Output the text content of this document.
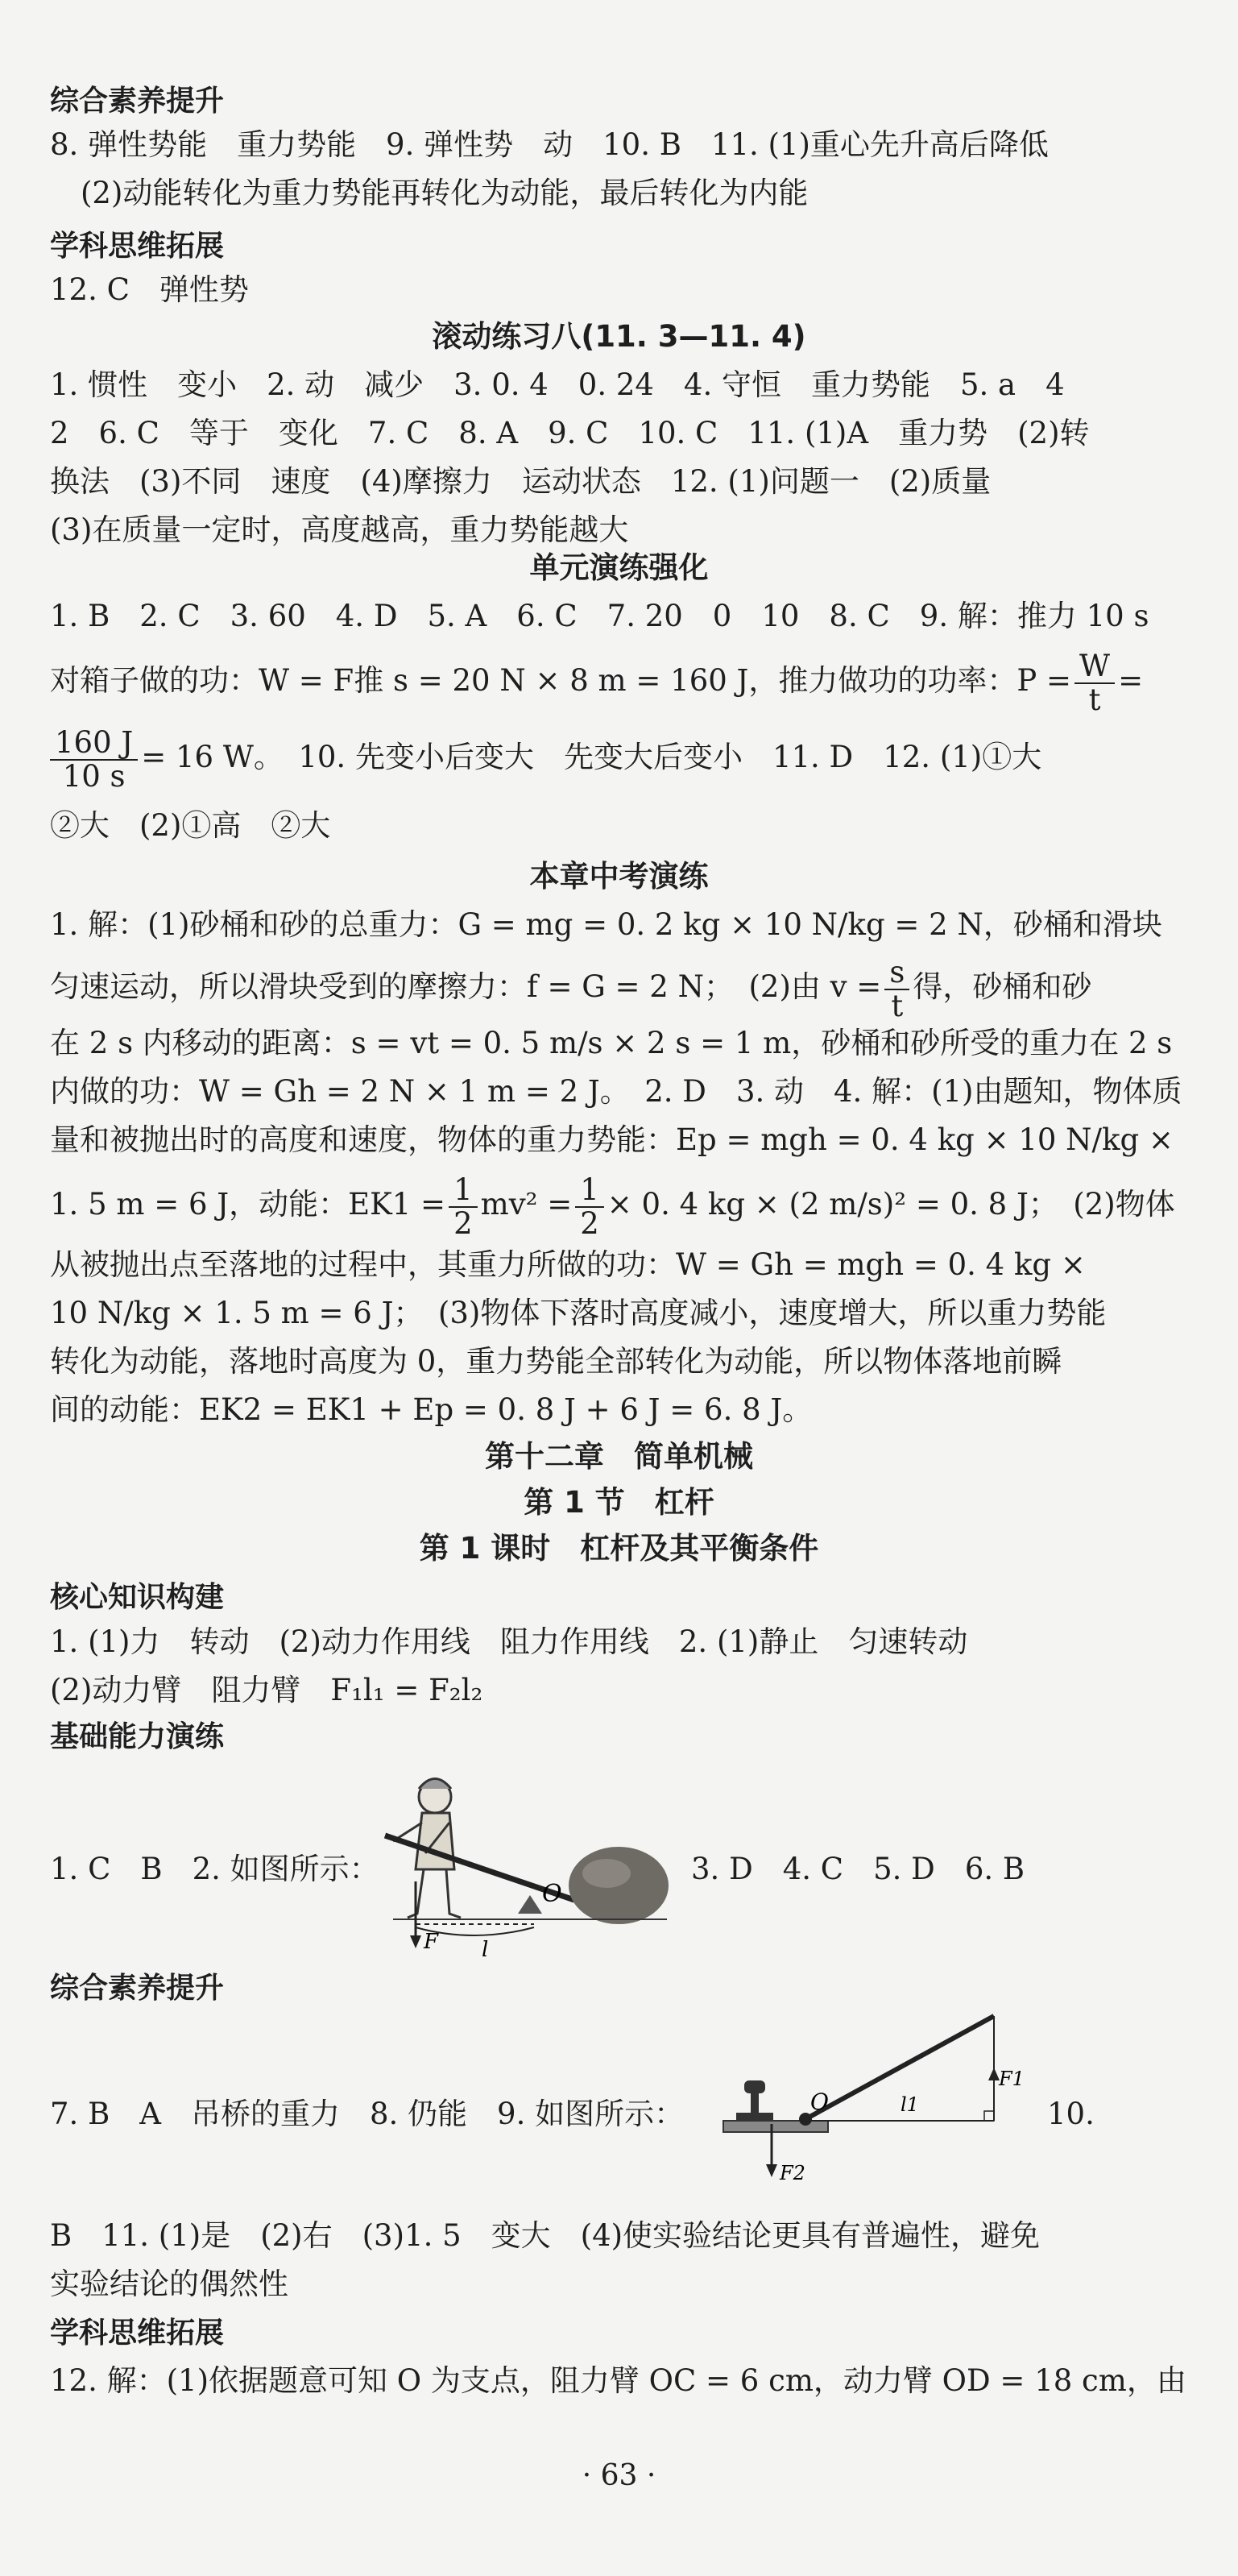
综合素养提升
8. 弹性势能　重力势能　9. 弹性势　动　10. B　11. (1)重心先升高后降低
(2)动能转化为重力势能再转化为动能，最后转化为内能
学科思维拓展
12. C　弹性势
滚动练习八(11. 3—11. 4)
1. 惯性　变小　2. 动　减少　3. 0. 4　0. 24　4. 守恒　重力势能　5. a　4
2　6. C　等于　变化　7. C　8. A　9. C　10. C　11. (1)A　重力势　(2)转
换法　(3)不同　速度　(4)摩擦力　运动状态　12. (1)问题一　(2)质量
(3)在质量一定时，高度越高，重力势能越大
单元演练强化
1. B　2. C　3. 60　4. D　5. A　6. C　7. 20　0　10　8. C　9. 解：推力 10 s
对箱子做的功：W = F推 s = 20 N × 8 m = 160 J，推力做功的功率：$P = \frac{W}{t}$ =
$\frac{160 J}{10 s} = 16$ W。　10. 先变小后变大　先变大后变小　11. D　12. (1)①大
②大　(2)①高　②大
本章中考演练
1. 解：(1)砂桶和砂的总重力：G = mg = 0. 2 kg × 10 N/kg = 2 N，砂桶和滑块
匀速运动，所以滑块受到的摩擦力：f = G = 2 N；　(2)由 $v = \frac{s}{t}$ 得，砂桶和砂
在 2 s 内移动的距离：s = vt = 0. 5 m/s × 2 s = 1 m，砂桶和砂所受的重力在 2 s
内做的功：W = Gh = 2 N × 1 m = 2 J。　2. D　3. 动　4. 解：(1)由题知，物体质
量和被抛出时的高度和速度，物体的重力势能：Ep = mgh = 0. 4 kg × 10 N/kg ×
1. 5 m = 6 J，动能：$EK1 = \frac{1}{2} mv^2 = \frac{1}{2} \times 0$. 4 kg × (2 m/s)² = 0. 8 J；　(2)物体
从被抛出点至落地的过程中，其重力所做的功：W = Gh = mgh = 0. 4 kg ×
10 N/kg × 1. 5 m = 6 J；　(3)物体下落时高度减小，速度增大，所以重力势能
转化为动能，落地时高度为 0，重力势能全部转化为动能，所以物体落地前瞬
间的动能：EK2 = EK1 + Ep = 0. 8 J + 6 J = 6. 8 J。
第十二章　简单机械
第 1 节　杠杆
第 1 课时　杠杆及其平衡条件
核心知识构建
1. (1)力　转动　(2)动力作用线　阻力作用线　2. (1)静止　匀速转动
(2)动力臂　阻力臂　F₁l₁ = F₂l₂
基础能力演练
1. C　B　2. 如图所示：
O
F l
3. D　4. C　5. D　6. B
综合素养提升
7. B　A　吊桥的重力　8. 仍能　9. 如图所示：	O
F1
l1
F2
10.
B　11. (1)是　(2)右　(3)1. 5　变大　(4)使实验结论更具有普遍性，避免
实验结论的偶然性
学科思维拓展
12. 解：(1)依据题意可知 O 为支点，阻力臂 OC = 6 cm，动力臂 OD = 18 cm，由
· 63 ·
